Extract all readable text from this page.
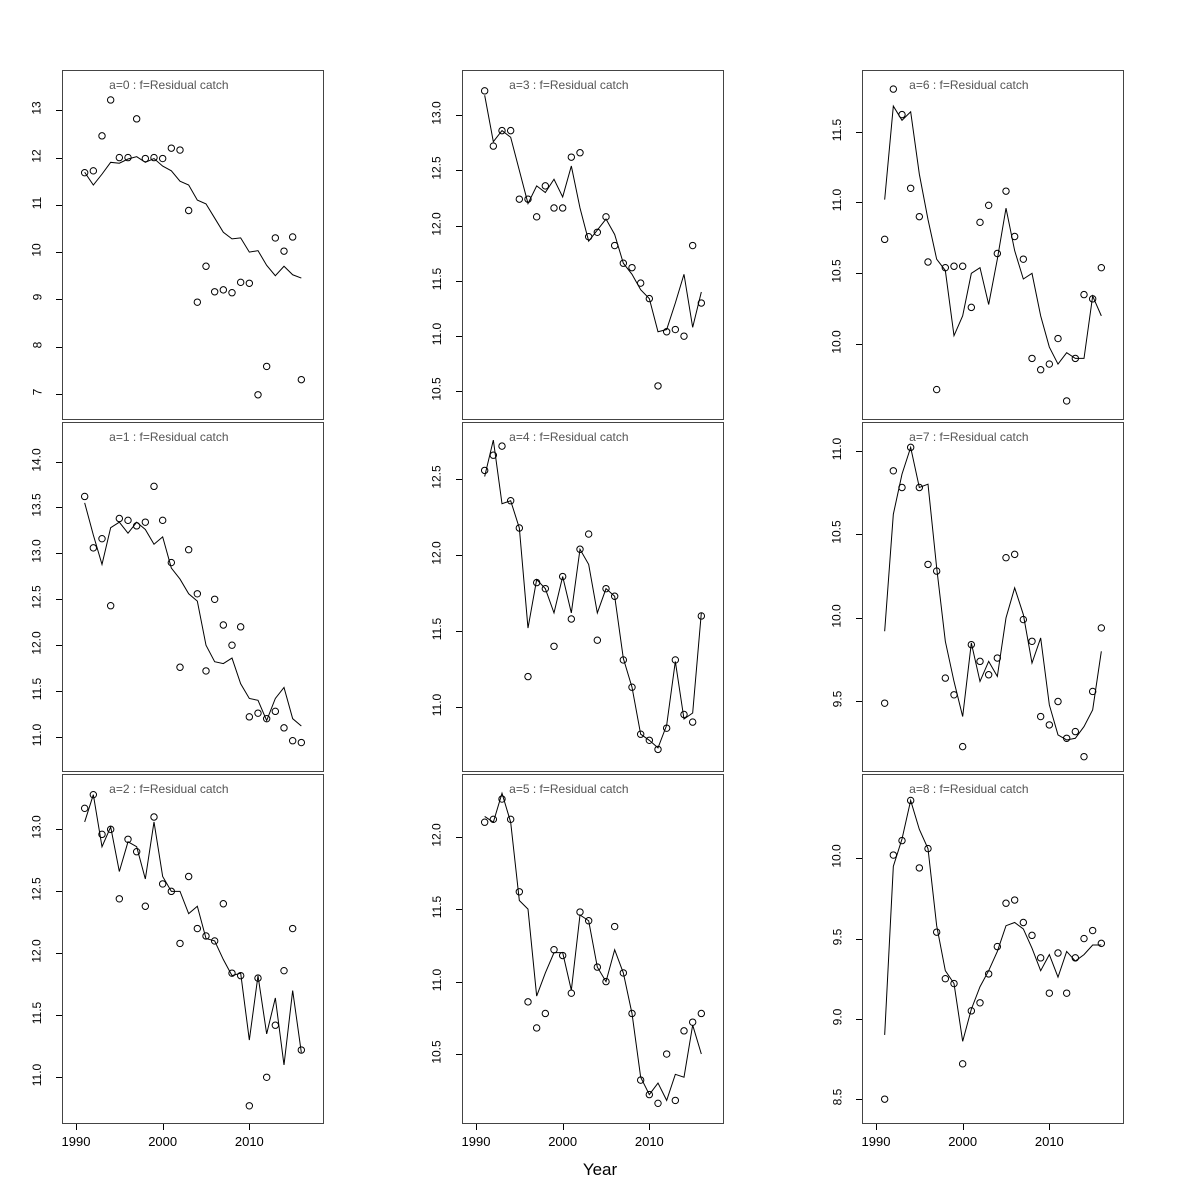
a=0 : f=Residual catch
7
8
9
10
11
12
13
a=3 : f=Residual catch
10.5
11.0
11.5
12.0
12.5
13.0
a=6 : f=Residual catch
10.0
10.5
11.0
11.5
a=1 : f=Residual catch
11.0
11.5
12.0
12.5
13.0
13.5
14.0
a=4 : f=Residual catch
11.0
11.5
12.0
12.5
a=7 : f=Residual catch
9.5
10.0
10.5
11.0
a=2 : f=Residual catch
11.0
11.5
12.0
12.5
13.0
1990	2000	2010
a=5 : f=Residual catch
10.5
11.0
11.5
12.0
1990	2000	2010
a=8 : f=Residual catch
8.5
9.0
9.5
10.0
1990	2000	2010
Year
